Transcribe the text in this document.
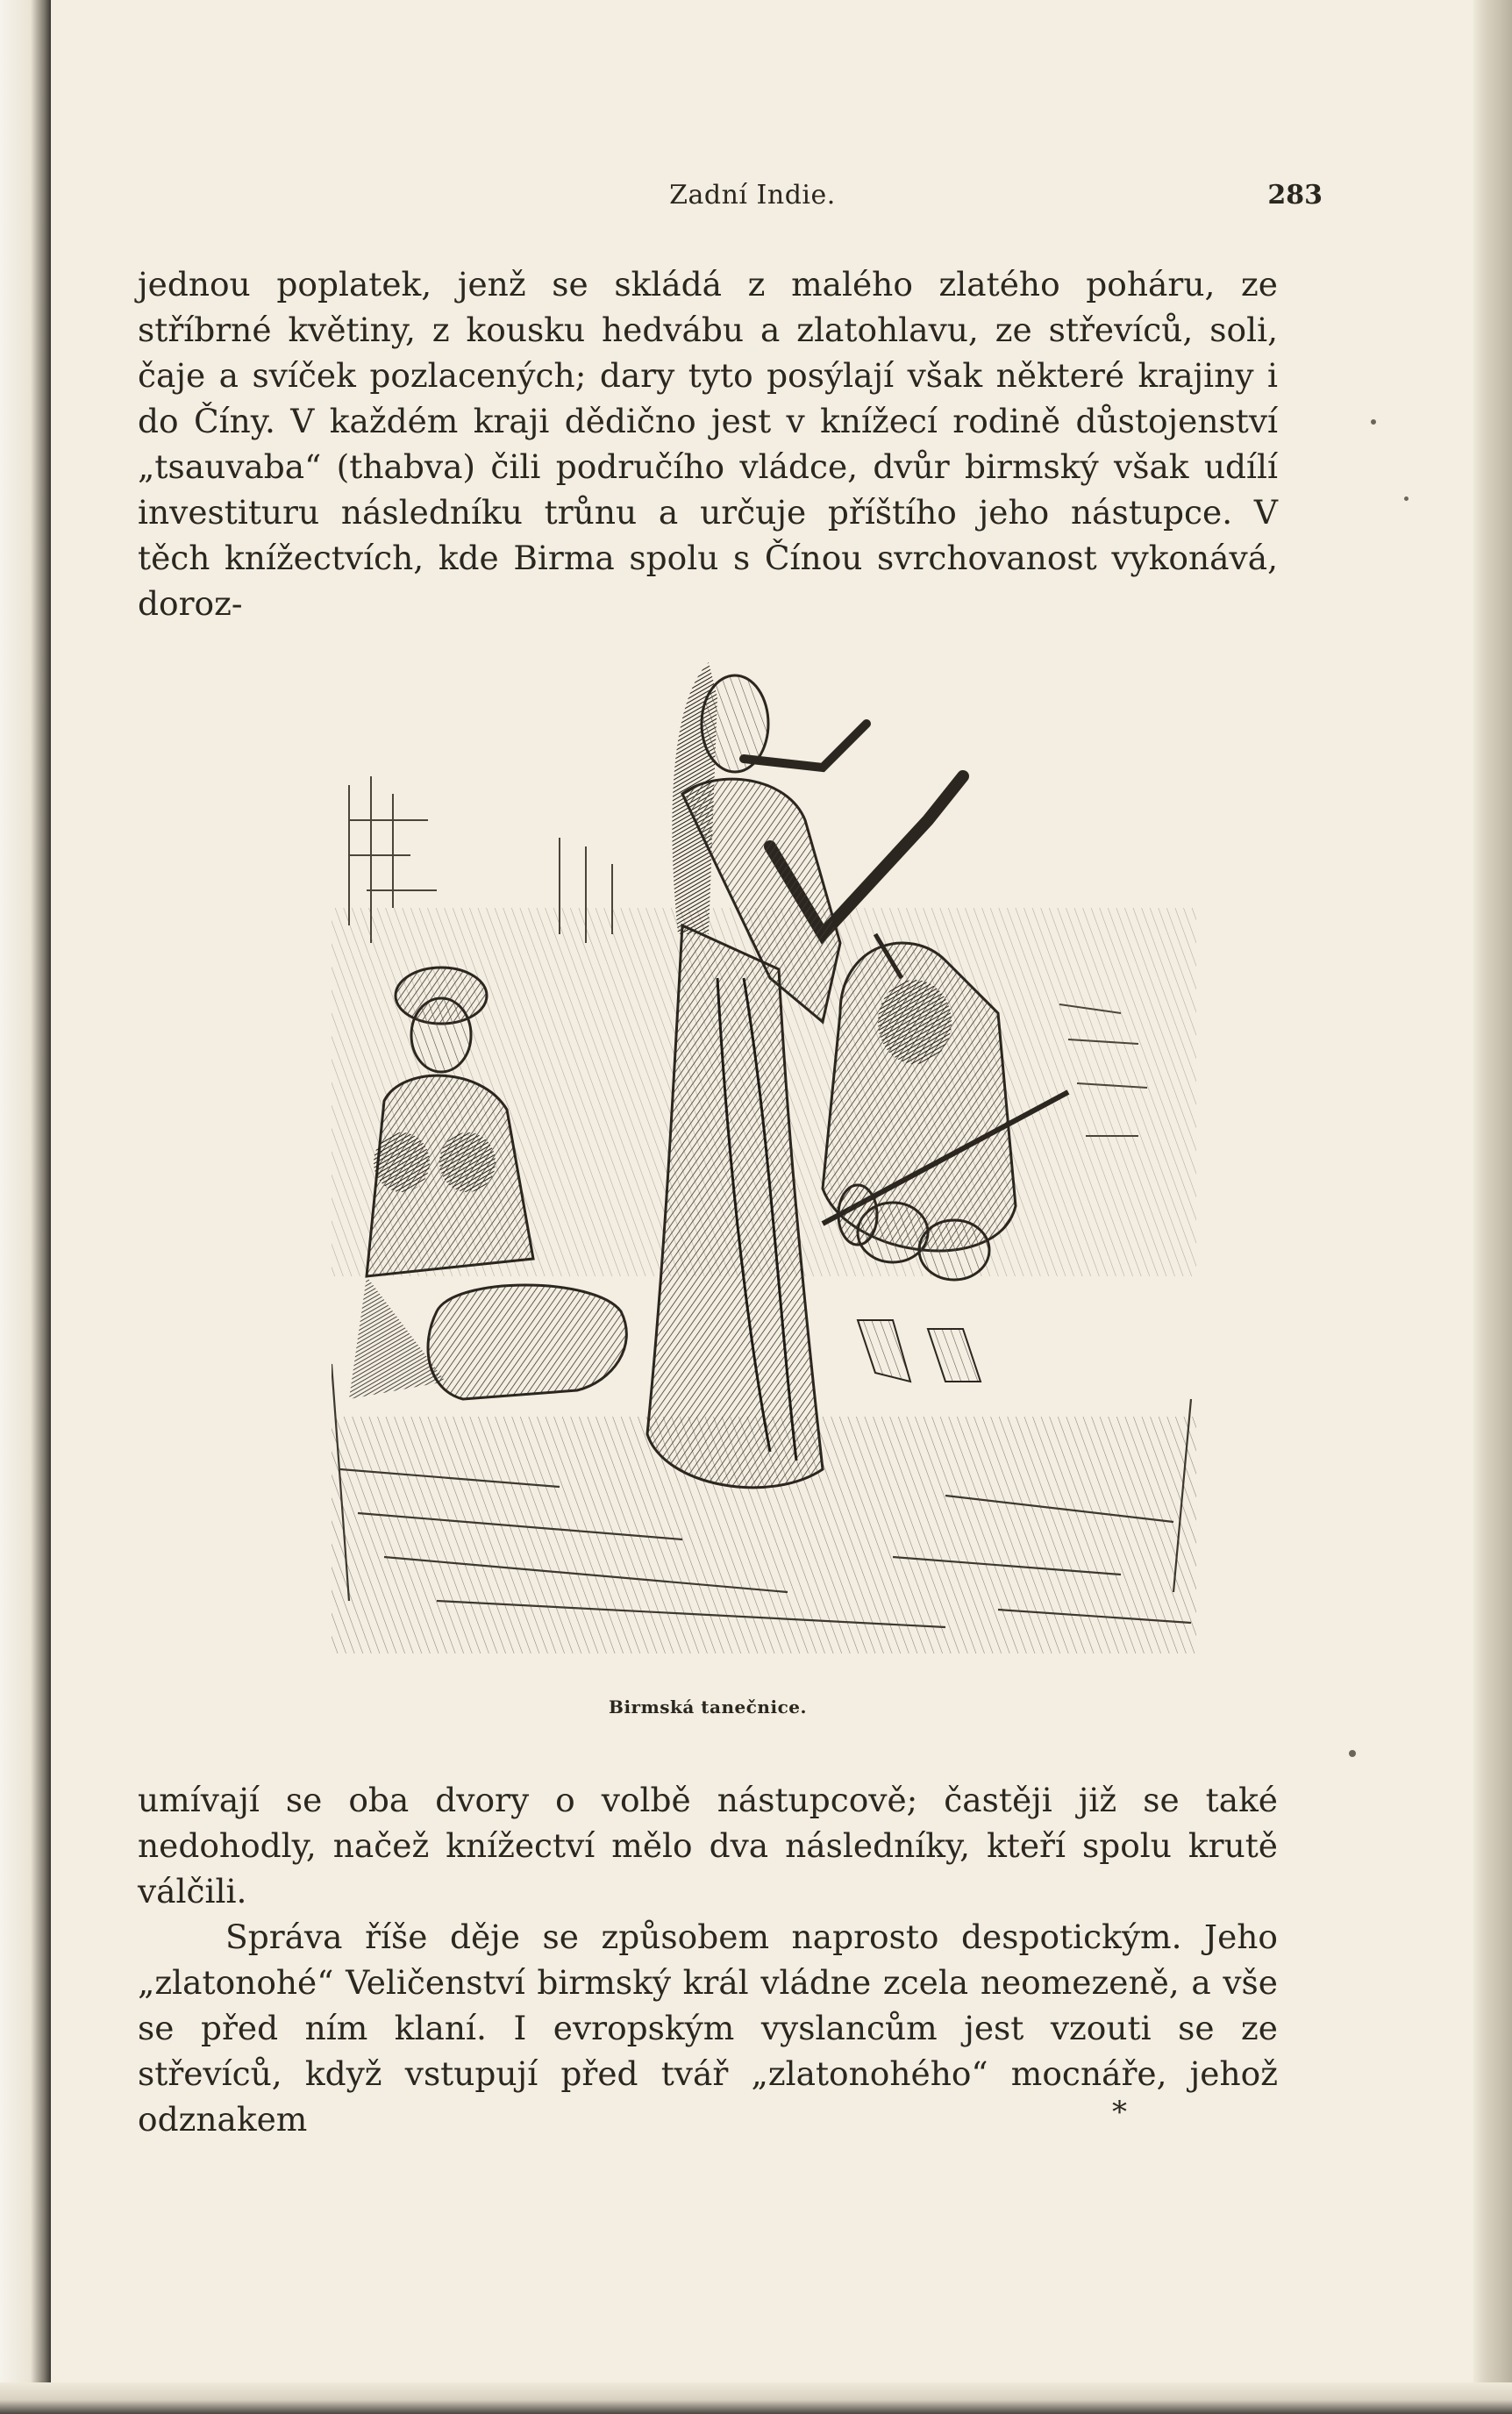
Zadní Indie.	283

jednou poplatek, jenž se skládá z malého zlatého poháru, ze stříbrné květiny, z kousku hedvábu a zlatohlavu, ze střevíců, soli, čaje a svíček pozlacených; dary tyto posýlají však některé krajiny i do Číny. V každém kraji dědično jest v knížecí rodině důstojenství „tsauvaba“ (thabva) čili područího vládce, dvůr birmský však udílí investituru následníku trůnu a určuje příštího jeho nástupce. V těch knížectvích, kde Birma spolu s Čínou svrchovanost vykonává, doroz-

Birmská tanečnice.

umívají se oba dvory o volbě nástupcově; častěji již se také nedohodly, načež knížectví mělo dva následníky, kteří spolu krutě válčili.

Správa říše děje se způsobem naprosto despotickým. Jeho „zlatonohé“ Veličenství birmský král vládne zcela neomezeně, a vše se před ním klaní. I evropským vyslancům jest vzouti se ze střevíců, když vstupují před tvář „zlatonohého“ mocnáře, jehož odznakem	*
